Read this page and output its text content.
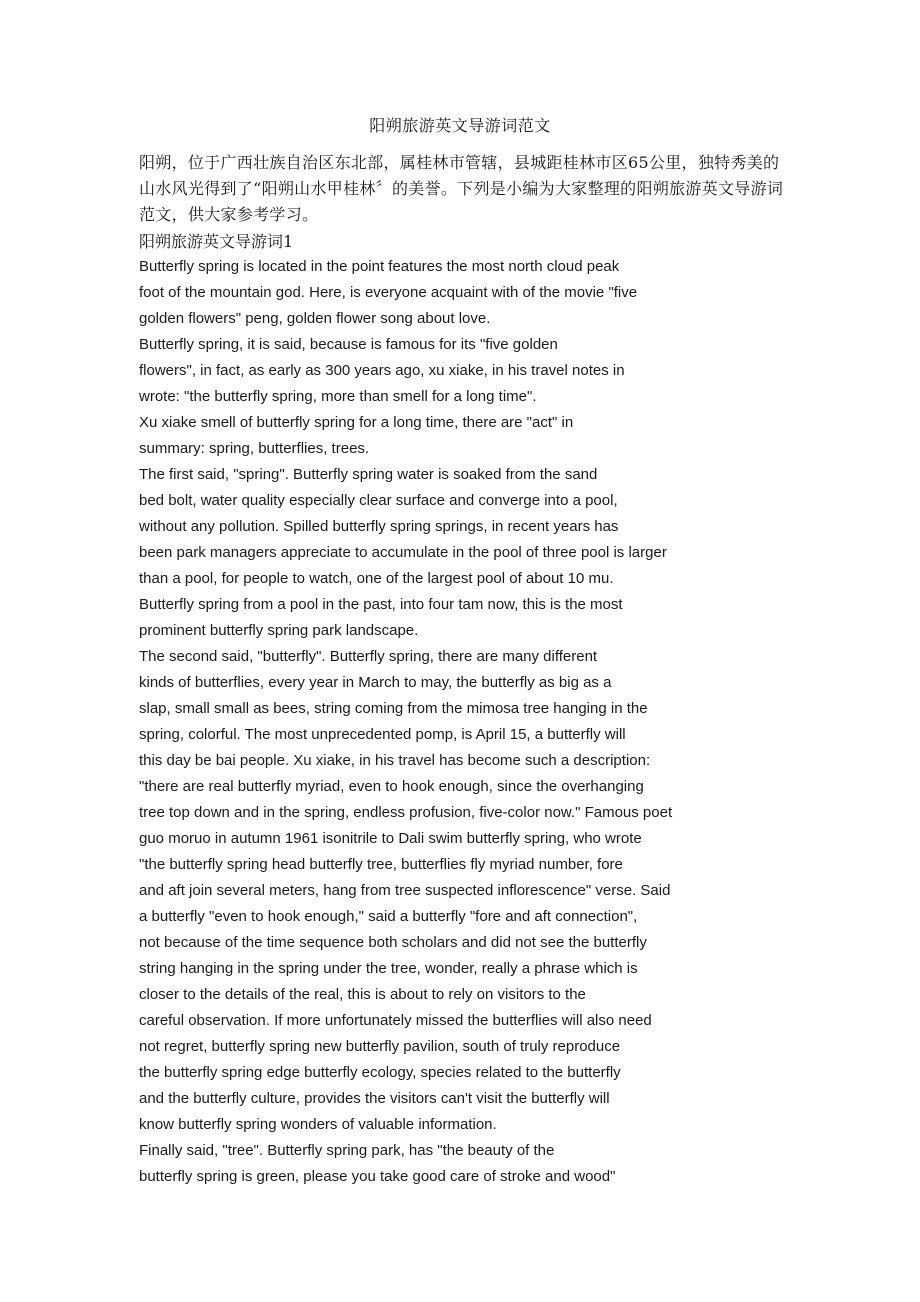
阳朔旅游英文导游词范文
阳朔，位于广西壮族自治区东北部，属桂林市管辖，县城距桂林市区65公里，独特秀美的山水风光得到了“阳朔山水甲桂林〞的美誉。下列是小编为大家整理的阳朔旅游英文导游词范文，供大家参考学习。
阳朔旅游英文导游词1
Butterfly spring is located in the point features the most north cloud peak
foot of the mountain god. Here, is everyone acquaint with of the movie "five
golden flowers" peng, golden flower song about love.
Butterfly spring, it is said, because is famous for its "five golden
flowers", in fact, as early as 300 years ago, xu xiake, in his travel notes in
wrote: "the butterfly spring, more than smell for a long time".
Xu xiake smell of butterfly spring for a long time, there are "act" in
summary: spring, butterflies, trees.
The first said, "spring". Butterfly spring water is soaked from the sand
bed bolt, water quality especially clear surface and converge into a pool,
without any pollution. Spilled butterfly spring springs, in recent years has
been park managers appreciate to accumulate in the pool of three pool is larger
than a pool, for people to watch, one of the largest pool of about 10 mu.
Butterfly spring from a pool in the past, into four tam now, this is the most
prominent butterfly spring park landscape.
The second said, "butterfly". Butterfly spring, there are many different
kinds of butterflies, every year in March to may, the butterfly as big as a
slap, small small as bees, string coming from the mimosa tree hanging in the
spring, colorful. The most unprecedented pomp, is April 15, a butterfly will
this day be bai people. Xu xiake, in his travel has become such a description:
"there are real butterfly myriad, even to hook enough, since the overhanging
tree top down and in the spring, endless profusion, five-color now." Famous poet
guo moruo in autumn 1961 isonitrile to Dali swim butterfly spring, who wrote
"the butterfly spring head butterfly tree, butterflies fly myriad number, fore
and aft join several meters, hang from tree suspected inflorescence" verse. Said
a butterfly "even to hook enough," said a butterfly "fore and aft connection",
not because of the time sequence both scholars and did not see the butterfly
string hanging in the spring under the tree, wonder, really a phrase which is
closer to the details of the real, this is about to rely on visitors to the
careful observation. If more unfortunately missed the butterflies will also need
not regret, butterfly spring new butterfly pavilion, south of truly reproduce
the butterfly spring edge butterfly ecology, species related to the butterfly
and the butterfly culture, provides the visitors can't visit the butterfly will
know butterfly spring wonders of valuable information.
Finally said, "tree". Butterfly spring park, has "the beauty of the
butterfly spring is green, please you take good care of stroke and wood"
